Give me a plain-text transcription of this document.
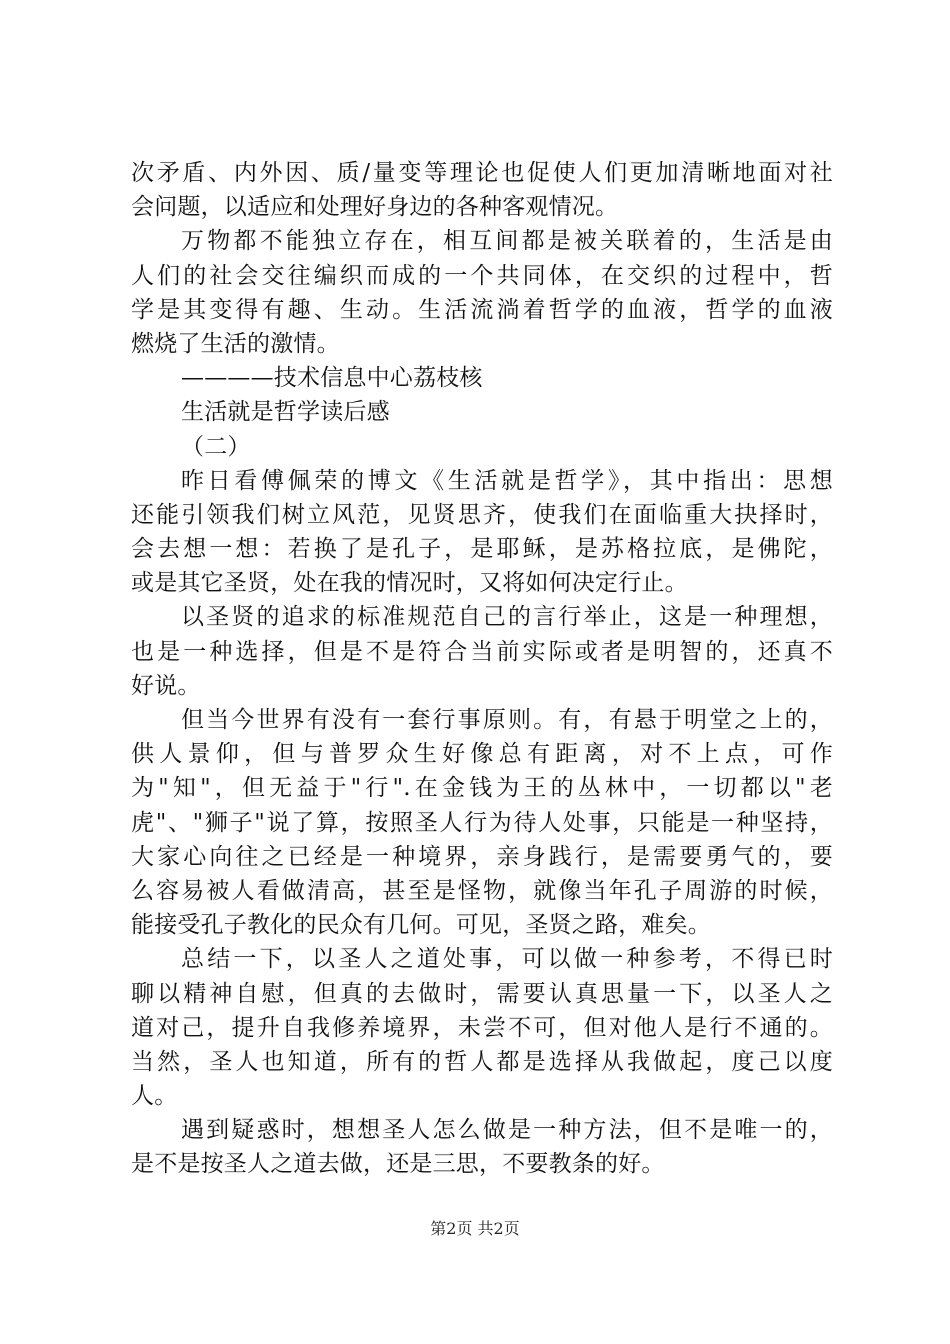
次矛盾、内外因、质/量变等理论也促使人们更加清晰地面对社
会问题，以适应和处理好身边的各种客观情况。
万物都不能独立存在，相互间都是被关联着的，生活是由
人们的社会交往编织而成的一个共同体，在交织的过程中，哲
学是其变得有趣、生动。生活流淌着哲学的血液，哲学的血液
燃烧了生活的激情。
————技术信息中心荔枝核
生活就是哲学读后感
（二）
昨日看傅佩荣的博文《生活就是哲学》，其中指出：思想
还能引领我们树立风范，见贤思齐，使我们在面临重大抉择时，
会去想一想：若换了是孔子，是耶稣，是苏格拉底，是佛陀，
或是其它圣贤，处在我的情况时，又将如何决定行止。
以圣贤的追求的标准规范自己的言行举止，这是一种理想，
也是一种选择，但是不是符合当前实际或者是明智的，还真不
好说。
但当今世界有没有一套行事原则。有，有悬于明堂之上的，
供人景仰，但与普罗众生好像总有距离，对不上点，可作
为"知"，但无益于"行".在金钱为王的丛林中，一切都以"老
虎"、"狮子"说了算，按照圣人行为待人处事，只能是一种坚持，
大家心向往之已经是一种境界，亲身践行，是需要勇气的，要
么容易被人看做清高，甚至是怪物，就像当年孔子周游的时候，
能接受孔子教化的民众有几何。可见，圣贤之路，难矣。
总结一下，以圣人之道处事，可以做一种参考，不得已时
聊以精神自慰，但真的去做时，需要认真思量一下，以圣人之
道对己，提升自我修养境界，未尝不可，但对他人是行不通的。
当然，圣人也知道，所有的哲人都是选择从我做起，度己以度
人。
遇到疑惑时，想想圣人怎么做是一种方法，但不是唯一的，
是不是按圣人之道去做，还是三思，不要教条的好。
第2页 共2页
